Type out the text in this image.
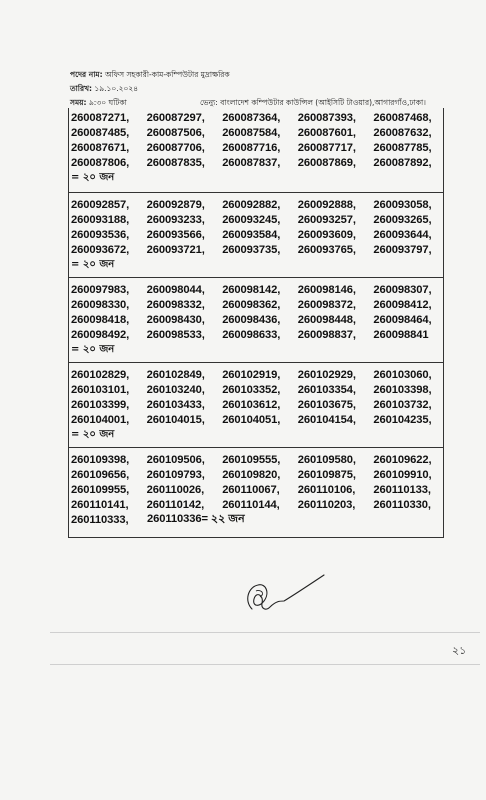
পদের নাম: অফিস সহকারী-কাম-কম্পিউটার মুদ্রাক্ষরিক
তারিখ: ১৯.১০.২০২৪
সময়: ৯:৩০ ঘটিকা	ভেন্যু: বাংলাদেশ কম্পিউটার কাউন্সিল (আইসিটি টাওয়ার),আগারগাঁও,ঢাকা।
260087271,	260087297,	260087364,	260087393,	260087468,
260087485,	260087506,	260087584,	260087601,	260087632,
260087671,	260087706,	260087716,	260087717,	260087785,
260087806,	260087835,	260087837,	260087869,	260087892,
= ২০ জন
260092857,	260092879,	260092882,	260092888,	260093058,
260093188,	260093233,	260093245,	260093257,	260093265,
260093536,	260093566,	260093584,	260093609,	260093644,
260093672,	260093721,	260093735,	260093765,	260093797,
= ২০ জন
260097983,	260098044,	260098142,	260098146,	260098307,
260098330,	260098332,	260098362,	260098372,	260098412,
260098418,	260098430,	260098436,	260098448,	260098464,
260098492,	260098533,	260098633,	260098837,	260098841
= ২০ জন
260102829,	260102849,	260102919,	260102929,	260103060,
260103101,	260103240,	260103352,	260103354,	260103398,
260103399,	260103433,	260103612,	260103675,	260103732,
260104001,	260104015,	260104051,	260104154,	260104235,
= ২০ জন
260109398,	260109506,	260109555,	260109580,	260109622,
260109656,	260109793,	260109820,	260109875,	260109910,
260109955,	260110026,	260110067,	260110106,	260110133,
260110141,	260110142,	260110144,	260110203,	260110330,
260110333,	260110336= ২২ জন
২১
